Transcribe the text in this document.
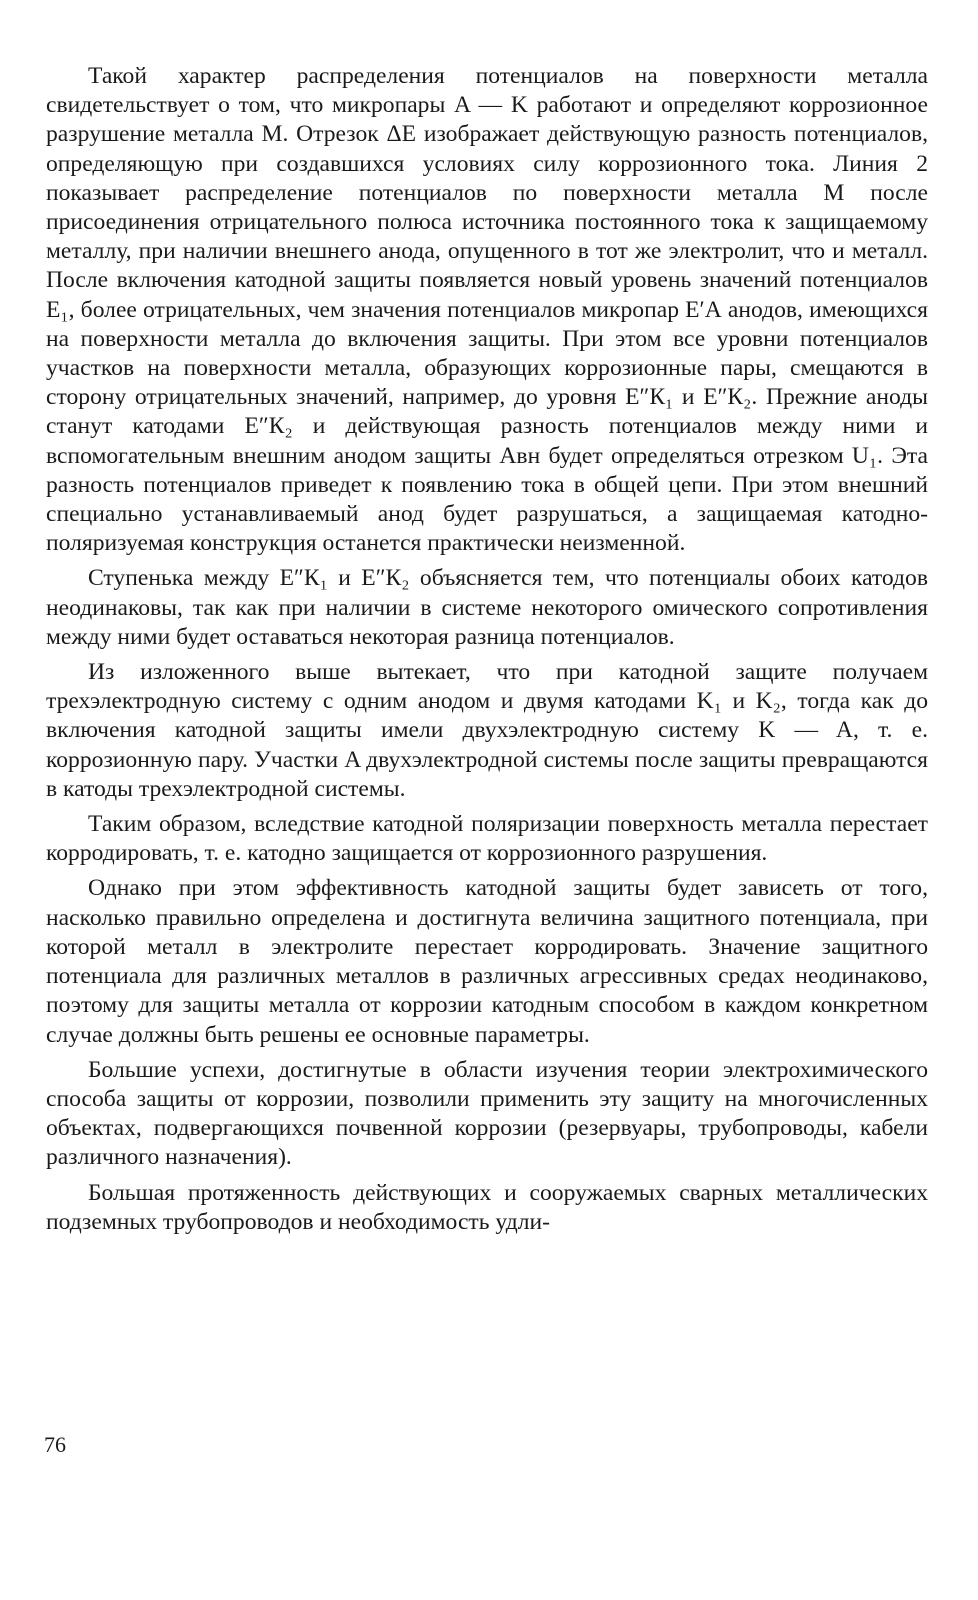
Такой характер распределения потенциалов на поверхности металла свидетельствует о том, что микропары A — K работают и определяют коррозионное разрушение металла M. Отрезок ΔE изображает действующую разность потенциалов, определяющую при создавшихся условиях силу коррозионного тока. Линия 2 показывает распределение потенциалов по поверхности металла M после присоединения отрицательного полюса источника постоянного тока к защищаемому металлу, при наличии внешнего анода, опущенного в тот же электролит, что и металл. После включения катодной защиты появляется новый уровень значений потенциалов E₁, более отрицательных, чем значения потенциалов микропар E′А анодов, имеющихся на поверхности металла до включения защиты. При этом все уровни потенциалов участков на поверхности металла, образующих коррозионные пары, смещаются в сторону отрицательных значений, например, до уровня E″К₁ и E″К₂. Прежние аноды станут катодами E″К₂ и действующая разность потенциалов между ними и вспомогательным внешним анодом защиты Aвн будет определяться отрезком U₁. Эта разность потенциалов приведет к появлению тока в общей цепи. При этом внешний специально устанавливаемый анод будет разрушаться, а защищаемая катодно-поляризуемая конструкция останется практически неизменной.

Ступенька между E″К₁ и E″К₂ объясняется тем, что потенциалы обоих катодов неодинаковы, так как при наличии в системе некоторого омического сопротивления между ними будет оставаться некоторая разница потенциалов.

Из изложенного выше вытекает, что при катодной защите получаем трехэлектродную систему с одним анодом и двумя катодами K₁ и K₂, тогда как до включения катодной защиты имели двухэлектродную систему K — A, т. е. коррозионную пару. Участки A двухэлектродной системы после защиты превращаются в катоды трехэлектродной системы.

Таким образом, вследствие катодной поляризации поверхность металла перестает корродировать, т. е. катодно защищается от коррозионного разрушения.

Однако при этом эффективность катодной защиты будет зависеть от того, насколько правильно определена и достигнута величина защитного потенциала, при которой металл в электролите перестает корродировать. Значение защитного потенциала для различных металлов в различных агрессивных средах неодинаково, поэтому для защиты металла от коррозии катодным способом в каждом конкретном случае должны быть решены ее основные параметры.

Большие успехи, достигнутые в области изучения теории электрохимического способа защиты от коррозии, позволили применить эту защиту на многочисленных объектах, подвергающихся почвенной коррозии (резервуары, трубопроводы, кабели различного назначения).

Большая протяженность действующих и сооружаемых сварных металлических подземных трубопроводов и необходимость удли-

76
